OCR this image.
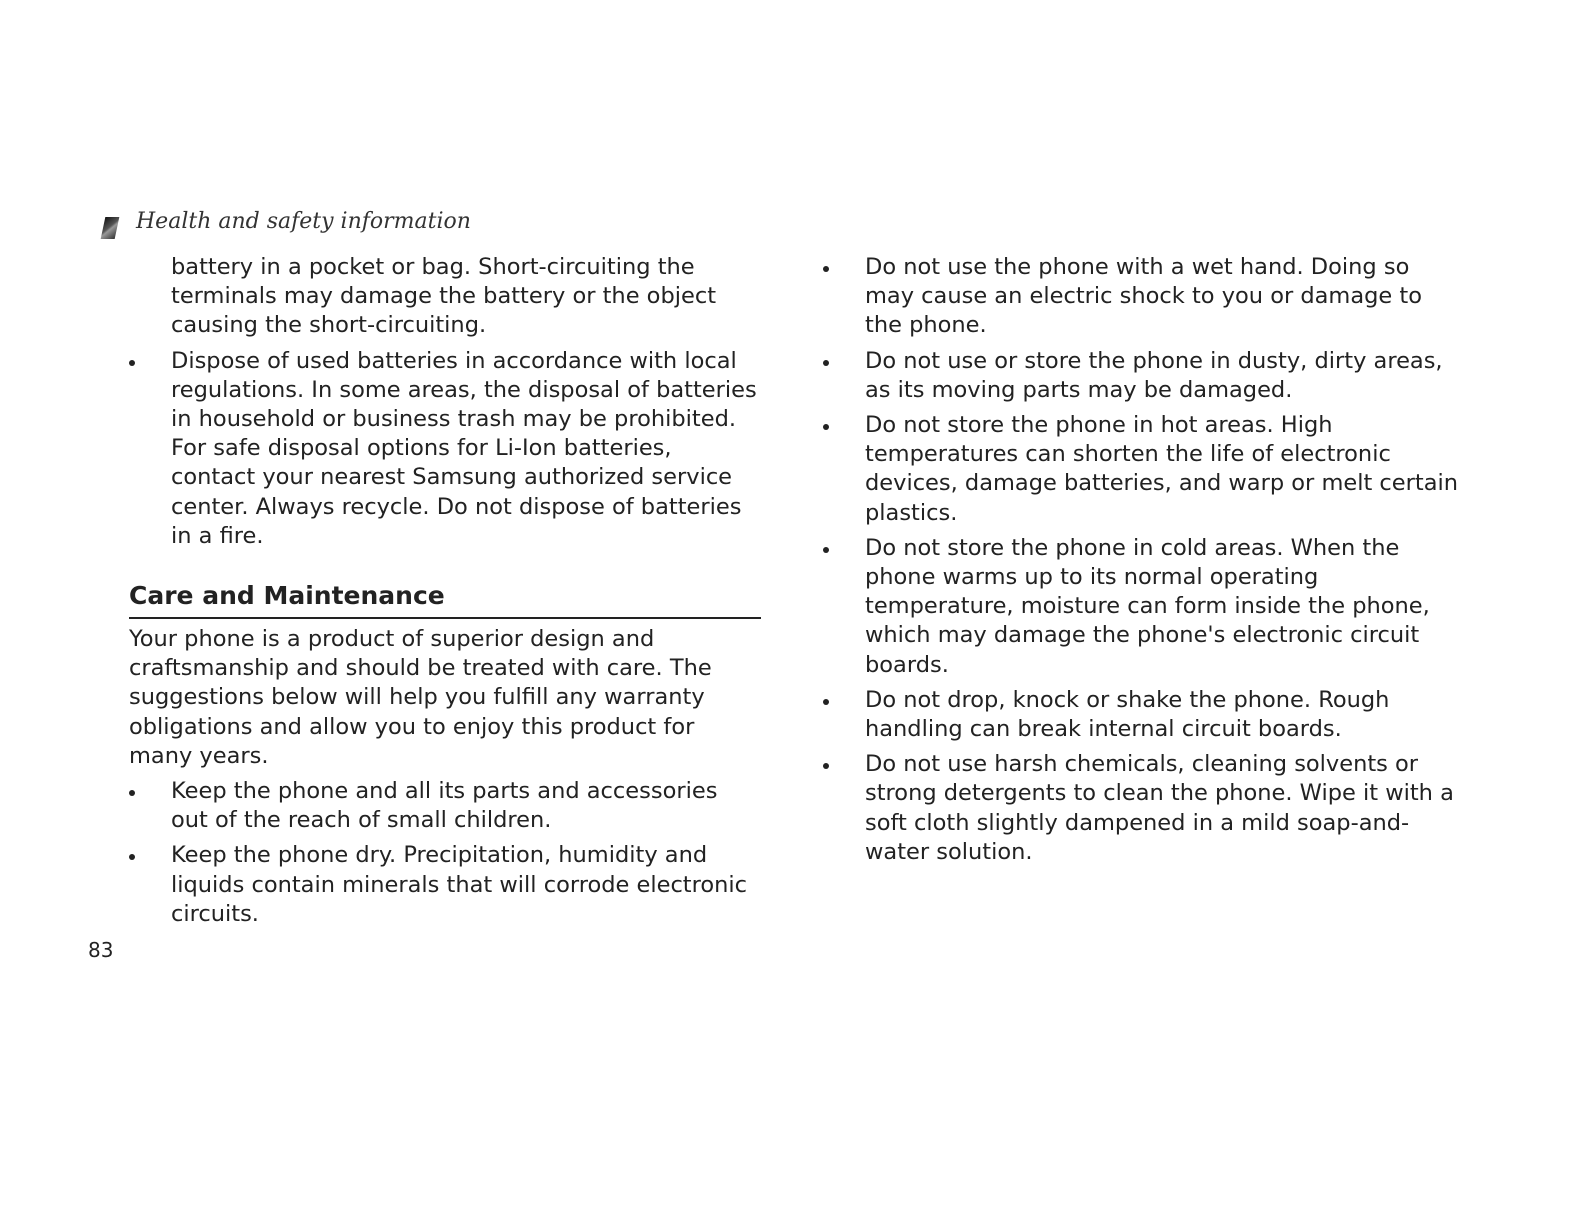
Health and safety information

battery in a pocket or bag. Short-circuiting the terminals may damage the battery or the object causing the short-circuiting.

Dispose of used batteries in accordance with local regulations. In some areas, the disposal of batteries in household or business trash may be prohibited. For safe disposal options for Li-Ion batteries, contact your nearest Samsung authorized service center. Always recycle. Do not dispose of batteries in a fire.
Care and Maintenance

Your phone is a product of superior design and craftsmanship and should be treated with care. The suggestions below will help you fulfill any warranty obligations and allow you to enjoy this product for many years.

Keep the phone and all its parts and accessories out of the reach of small children.
Keep the phone dry. Precipitation, humidity and liquids contain minerals that will corrode electronic circuits.
Do not use the phone with a wet hand. Doing so may cause an electric shock to you or damage to the phone.
Do not use or store the phone in dusty, dirty areas, as its moving parts may be damaged.
Do not store the phone in hot areas. High temperatures can shorten the life of electronic devices, damage batteries, and warp or melt certain plastics.
Do not store the phone in cold areas. When the phone warms up to its normal operating temperature, moisture can form inside the phone, which may damage the phone's electronic circuit boards.
Do not drop, knock or shake the phone. Rough handling can break internal circuit boards.
Do not use harsh chemicals, cleaning solvents or strong detergents to clean the phone. Wipe it with a soft cloth slightly dampened in a mild soap-and-water solution.
83
